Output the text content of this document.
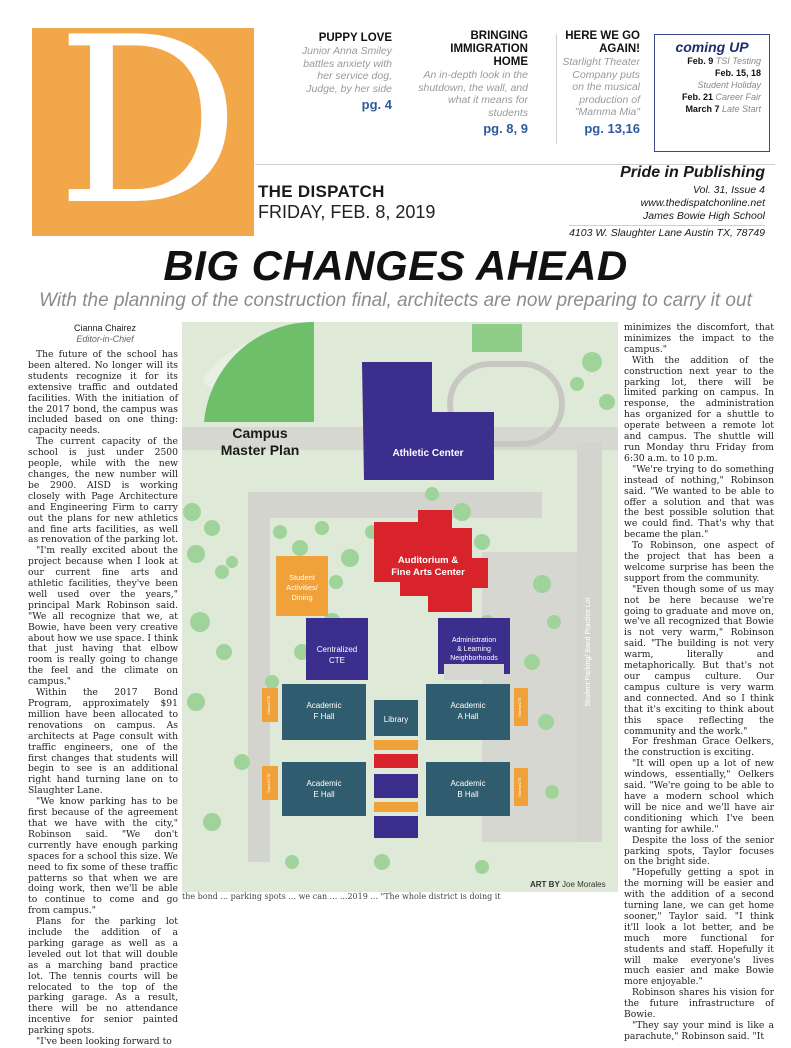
D	PUPPY LOVE
Junior Anna Smiley battles anxiety with her service dog, Judge, by her side
pg. 4
BRINGING IMMIGRATION HOME
An in-depth look in the shutdown, the wall, and what it means for students
pg. 8, 9
HERE WE GO AGAIN!
Starlight Theater Company puts on the musical production of "Mamma Mia"
pg. 13,16
coming UP
Feb. 9 TSI Testing
Feb. 15, 18
Student Holiday
Feb. 21 Career Fair
March 7 Late Start
THE DISPATCH
FRIDAY, FEB. 8, 2019
Pride in Publishing
Vol. 31, Issue 4
www.thedispatchonline.net
James Bowie High School
4103 W. Slaughter Lane Austin TX, 78749
BIG CHANGES AHEAD
With the planning of the construction final, architects are now preparing to carry it out
Cianna Chairez
Editor-in-Chief

The future of the school has been altered. No longer will its students recognize it for its extensive traffic and outdated facilities. With the initiation of the 2017 bond, the campus was included based on one thing: capacity needs.

The current capacity of the school is just under 2500 people, while with the new changes, the new number will be 2900. AISD is working closely with Page Architecture and Engineering Firm to carry out the plans for new athletics and fine arts facilities, as well as renovation of the parking lot.

"I'm really excited about the project because when I look at our current fine arts and athletic facilities, they've been well used over the years," principal Mark Robinson said. "We all recognize that we, at Bowie, have been very creative about how we use space. I think that just having that elbow room is really going to change the feel and the climate on campus."

Within the 2017 Bond Program, approximately $91 million have been allocated to renovations on campus. As architects at Page consult with traffic engineers, one of the first changes that students will begin to see is an additional right hand turning lane on to Slaughter Lane.

"We know parking has to be first because of the agreement that we have with the city," Robinson said. "We don't currently have enough parking spaces for a school this size. We need to fix some of these traffic patterns so that when we are doing work, then we'll be able to continue to come and go from campus."

Plans for the parking lot include the addition of a parking garage as well as a leveled out lot that will double as a marching band practice lot. The tennis courts will be relocated to the top of the parking garage. As a result, there will be no attendance incentive for senior painted parking spots.

"I've been looking forward to

minimizes the discomfort, that minimizes the impact to the campus."

With the addition of the construction next year to the parking lot, there will be limited parking on campus. In response, the administration has organized for a shuttle to operate between a remote lot and campus. The shuttle will run Monday thru Friday from 6:30 a.m. to 10 p.m.

"We're trying to do something instead of nothing," Robinson said. "We wanted to be able to offer a solution and that was the best possible solution that we could find. That's why that became the plan."

To Robinson, one aspect of the project that has been a welcome surprise has been the support from the community.

"Even though some of us may not be here because we're going to graduate and move on, we've all recognized that Bowie is not very warm," Robinson said. "The building is not very warm, literally and metaphorically. But that's not our campus culture. Our campus culture is very warm and connected. And so I think that it's exciting to think about this space reflecting the community and the work."

For freshman Grace Oelkers, the construction is exciting.

"It will open up a lot of new windows, essentially," Oelkers said. "We're going to be able to have a modern school which will be nice and we'll have air conditioning which I've been wanting for awhile."

Despite the loss of the senior parking spots, Taylor focuses on the bright side.

"Hopefully getting a spot in the morning will be easier and with the addition of a second turning lane, we can get home sooner," Taylor said. "I think it'll look a lot better, and be much more functional for students and staff. Hopefully it will make everyone's lives much easier and make Bowie more enjoyable."

Robinson shares his vision for the future infrastructure of Bowie.

"They say your mind is like a parachute," Robinson said. "It

Athletic Center
Auditorium &
Fine Arts Center
Student
Activities/
Dining
Centralized
CTE
Administration
& Learning
Neighborhoods
Academic
F Hall
Academic
A Hall
Academic
E Hall
Academic
B Hall
Shared CTE
Shared CTE
Shared CTE
Shared CTE
Library
Student Parking/ Band Practice Lot
Campus
Master Plan
ART BY Joe Morales
the bond ... parking spots ... we can ... ...2019 ... "The whole district is doing it
